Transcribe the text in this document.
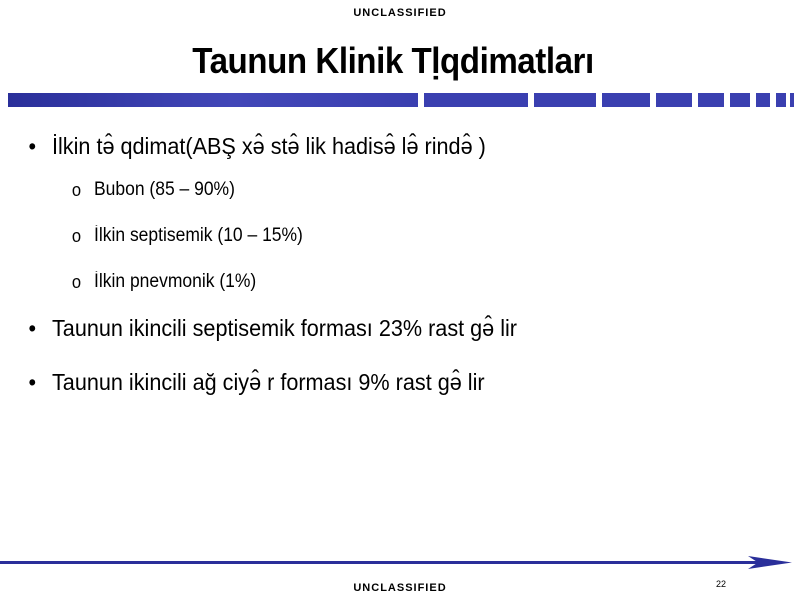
UNCLASSIFIED
Taunun Klinik Tḷqdimatları
• İlkin tə̂ qdimat(ABŞ xə̂ stə̂ lik hadisə̂ lə̂ rində̂ )
o Bubon (85 – 90%)
o İlkin septisemik (10 – 15%)
o İlkin pnevmonik (1%)
• Taunun ikincili septisemik forması 23% rast gə̂ lir
• Taunun ikincili ağ ciyə̂ r forması 9% rast gə̂ lir
22
UNCLASSIFIED
